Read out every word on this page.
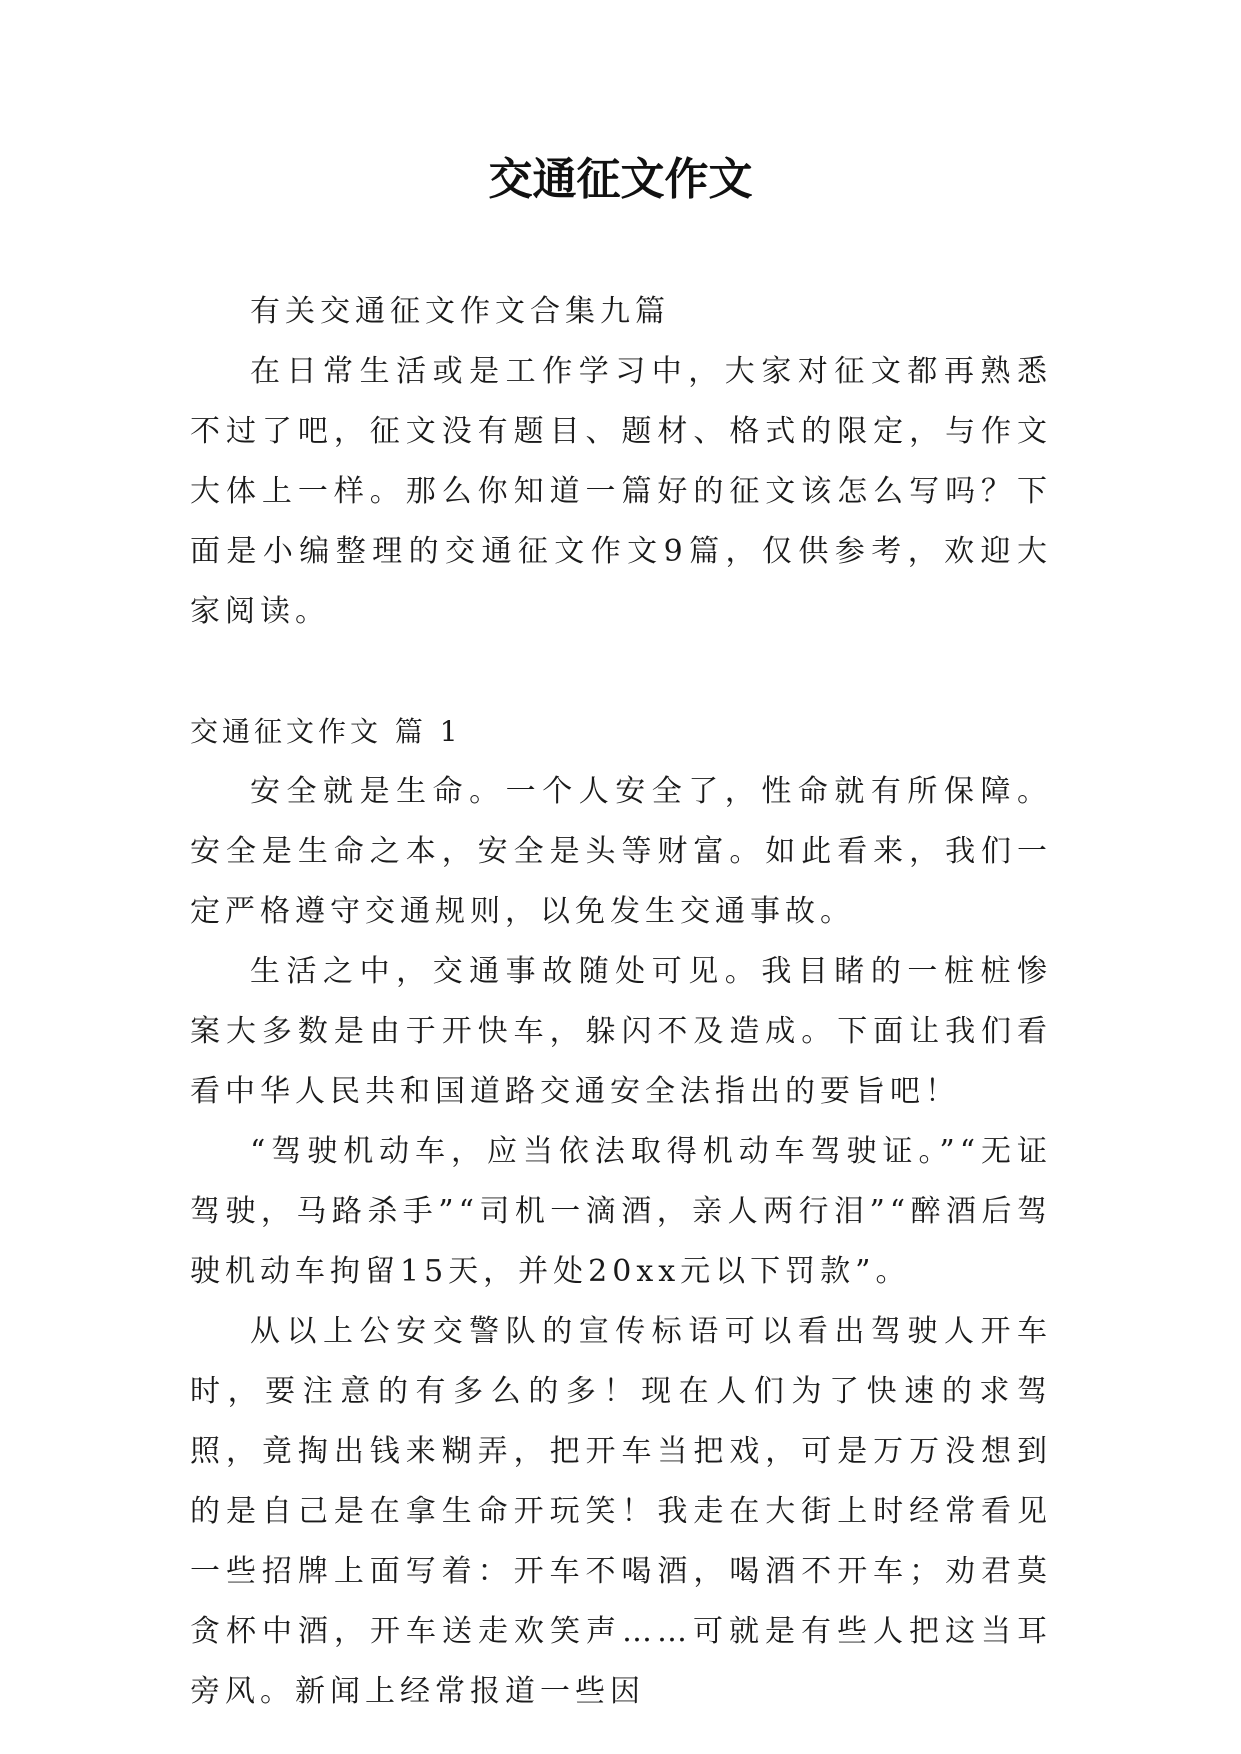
交通征文作文

有关交通征文作文合集九篇

在日常生活或是工作学习中，大家对征文都再熟悉不过了吧，征文没有题目、题材、格式的限定，与作文大体上一样。那么你知道一篇好的征文该怎么写吗？下面是小编整理的交通征文作文9篇，仅供参考，欢迎大家阅读。

交通征文作文 篇 1

安全就是生命。一个人安全了，性命就有所保障。安全是生命之本，安全是头等财富。如此看来，我们一定严格遵守交通规则，以免发生交通事故。

生活之中，交通事故随处可见。我目睹的一桩桩惨案大多数是由于开快车，躲闪不及造成。下面让我们看看中华人民共和国道路交通安全法指出的要旨吧！

“驾驶机动车，应当依法取得机动车驾驶证。”“无证驾驶，马路杀手”“司机一滴酒，亲人两行泪”“醉酒后驾驶机动车拘留15天，并处20xx元以下罚款”。

从以上公安交警队的宣传标语可以看出驾驶人开车时，要注意的有多么的多！现在人们为了快速的求驾照，竟掏出钱来糊弄，把开车当把戏，可是万万没想到的是自己是在拿生命开玩笑！我走在大街上时经常看见一些招牌上面写着：开车不喝酒，喝酒不开车；劝君莫贪杯中酒，开车送走欢笑声……可就是有些人把这当耳旁风。新闻上经常报道一些因
